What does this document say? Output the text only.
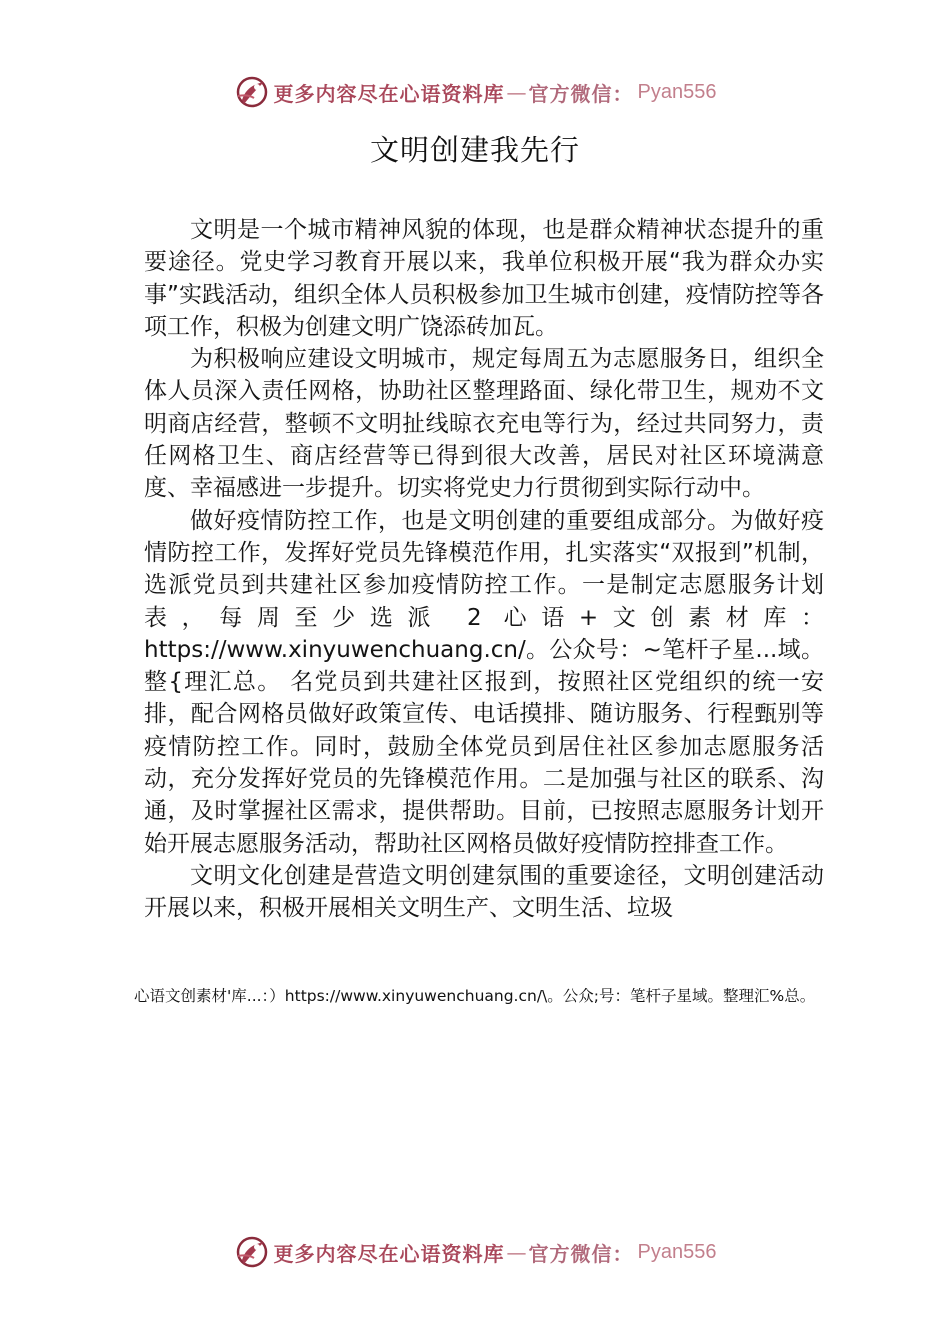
更多内容尽在心语资料库 — 官方微信： Pyan556
文明创建我先行

文明是一个城市精神风貌的体现，也是群众精神状态提升的重要途径。党史学习教育开展以来，我单位积极开展“我为群众办实事”实践活动，组织全体人员积极参加卫生城市创建，疫情防控等各项工作，积极为创建文明广饶添砖加瓦。

为积极响应建设文明城市，规定每周五为志愿服务日，组织全体人员深入责任网格，协助社区整理路面、绿化带卫生，规劝不文明商店经营，整顿不文明扯线晾衣充电等行为，经过共同努力，责任网格卫生、商店经营等已得到很大改善，居民对社区环境满意度、幸福感进一步提升。切实将党史力行贯彻到实际行动中。

做好疫情防控工作，也是文明创建的重要组成部分。为做好疫情防控工作，发挥好党员先锋模范作用，扎实落实“双报到”机制，选派党员到共建社区参加疫情防控工作。一是制定志愿服务计划表，每周至少选派 2 心语+文创素材库：https://www.xinyuwenchuang.cn/。公众号：~笔杆子星...域。整{理汇总。 名党员到共建社区报到，按照社区党组织的统一安排，配合网格员做好政策宣传、电话摸排、随访服务、行程甄别等疫情防控工作。同时，鼓励全体党员到居住社区参加志愿服务活动，充分发挥好党员的先锋模范作用。二是加强与社区的联系、沟通，及时掌握社区需求，提供帮助。目前，已按照志愿服务计划开始开展志愿服务活动，帮助社区网格员做好疫情防控排查工作。

文明文化创建是营造文明创建氛围的重要途径，文明创建活动开展以来，积极开展相关文明生产、文明生活、垃圾

心语文创素材'库...：）https://www.xinyuwenchuang.cn/\。公众;号：笔杆子星域。整理汇%总。

更多内容尽在心语资料库 — 官方微信： Pyan556
